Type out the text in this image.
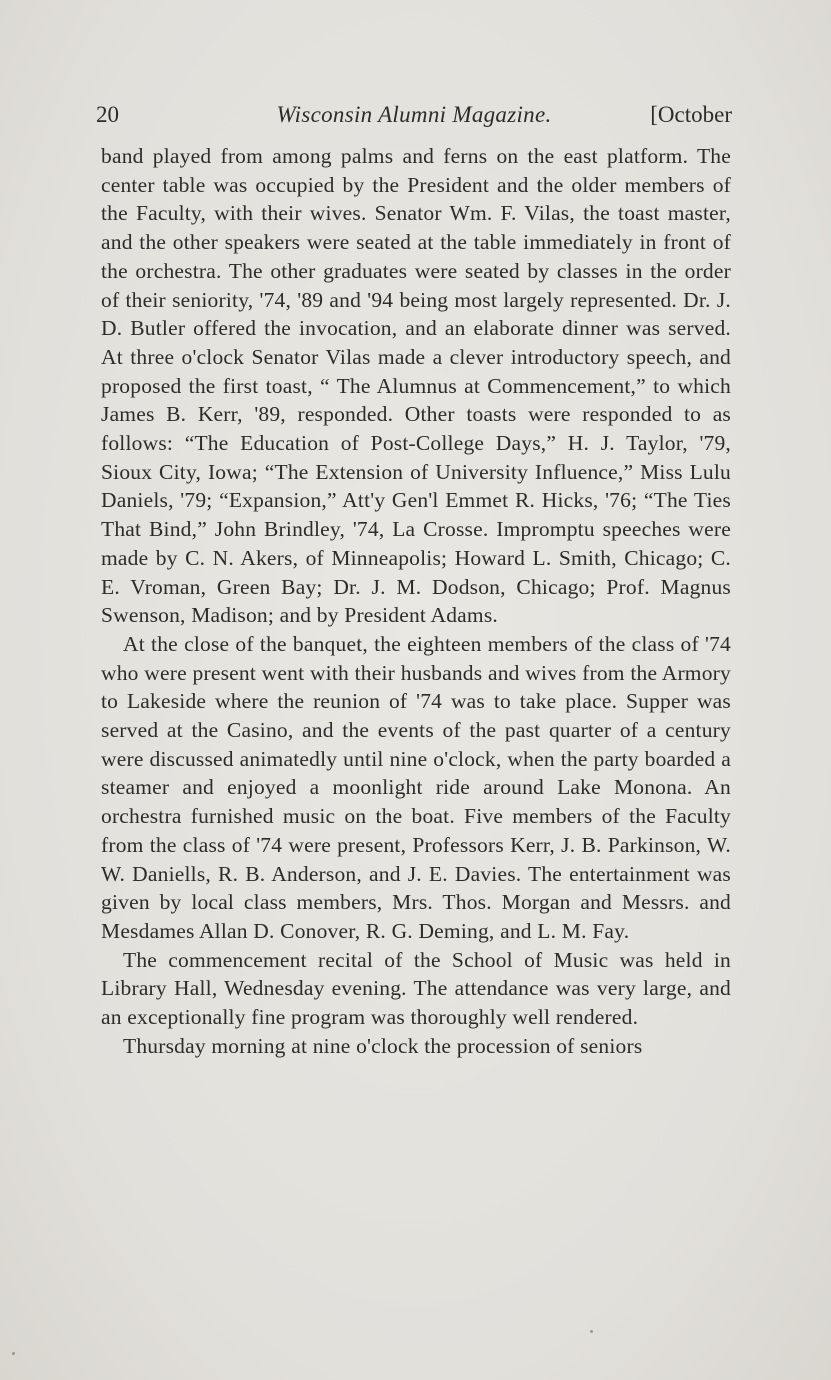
20	Wisconsin Alumni Magazine.	[October

band played from among palms and ferns on the east platform. The center table was occupied by the President and the older members of the Faculty, with their wives. Senator Wm. F. Vilas, the toast master, and the other speakers were seated at the table immediately in front of the orchestra. The other graduates were seated by classes in the order of their seniority, '74, '89 and '94 being most largely represented. Dr. J. D. Butler offered the invocation, and an elaborate dinner was served. At three o'clock Senator Vilas made a clever introductory speech, and proposed the first toast, “ The Alumnus at Commencement,” to which James B. Kerr, '89, responded. Other toasts were responded to as follows: “The Education of Post-College Days,” H. J. Taylor, '79, Sioux City, Iowa; “The Extension of University Influence,” Miss Lulu Daniels, '79; “Expansion,” Att'y Gen'l Emmet R. Hicks, '76; “The Ties That Bind,” John Brindley, '74, La Crosse. Impromptu speeches were made by C. N. Akers, of Minneapolis; Howard L. Smith, Chicago; C. E. Vroman, Green Bay; Dr. J. M. Dodson, Chicago; Prof. Magnus Swenson, Madison; and by President Adams.

At the close of the banquet, the eighteen members of the class of '74 who were present went with their husbands and wives from the Armory to Lakeside where the reunion of '74 was to take place. Supper was served at the Casino, and the events of the past quarter of a century were discussed animatedly until nine o'clock, when the party boarded a steamer and enjoyed a moonlight ride around Lake Monona. An orchestra furnished music on the boat. Five members of the Faculty from the class of '74 were present, Professors Kerr, J. B. Parkinson, W. W. Daniells, R. B. Anderson, and J. E. Davies. The entertainment was given by local class members, Mrs. Thos. Morgan and Messrs. and Mesdames Allan D. Conover, R. G. Deming, and L. M. Fay.

The commencement recital of the School of Music was held in Library Hall, Wednesday evening. The attendance was very large, and an exceptionally fine program was thoroughly well rendered.

Thursday morning at nine o'clock the procession of seniors
